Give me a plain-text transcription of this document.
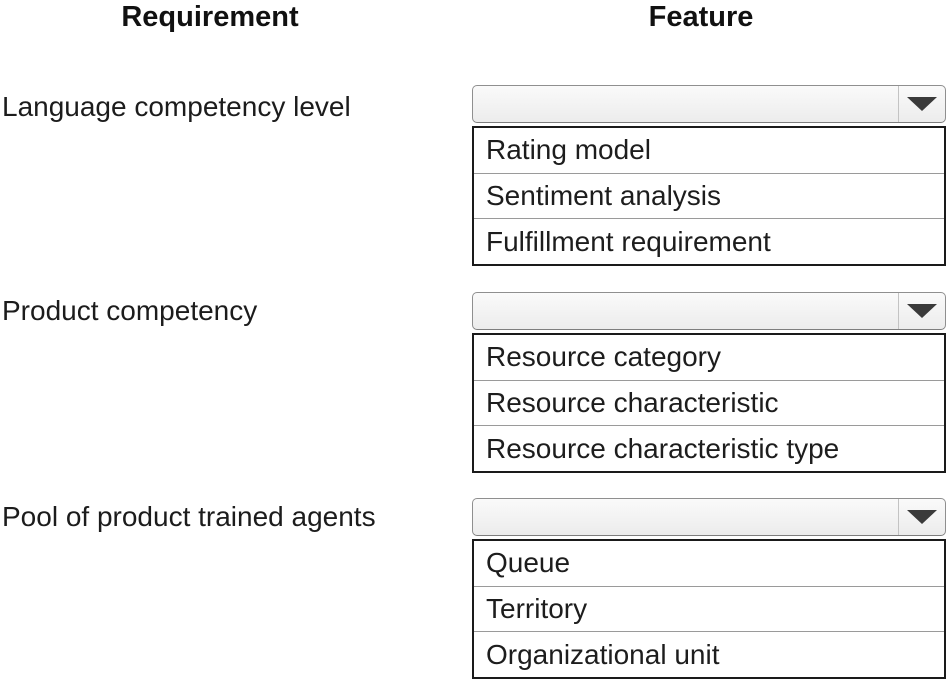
Requirement	Feature
Language competency level
Rating model
Sentiment analysis
Fulfillment requirement
Product competency
Resource category
Resource characteristic
Resource characteristic type
Pool of product trained agents
Queue
Territory
Organizational unit
